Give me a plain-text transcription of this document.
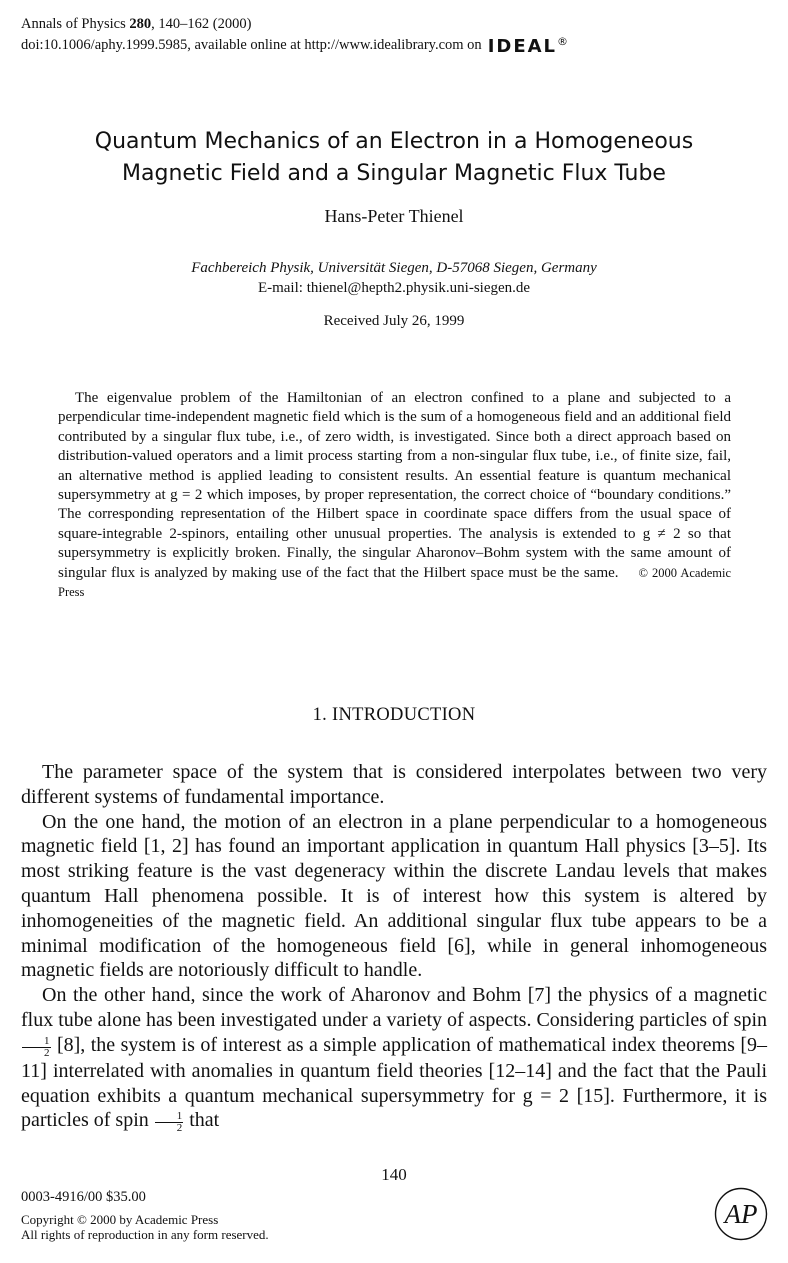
Annals of Physics 280, 140–162 (2000)
doi:10.1006/aphy.1999.5985, available online at http://www.idealibrary.com on IDEAL®
Quantum Mechanics of an Electron in a Homogeneous
Magnetic Field and a Singular Magnetic Flux Tube
Hans-Peter Thienel
Fachbereich Physik, Universität Siegen, D-57068 Siegen, Germany
E-mail: thienel@hepth2.physik.uni-siegen.de
Received July 26, 1999
The eigenvalue problem of the Hamiltonian of an electron confined to a plane and subjected to a perpendicular time-independent magnetic field which is the sum of a homogeneous field and an additional field contributed by a singular flux tube, i.e., of zero width, is investigated. Since both a direct approach based on distribution-valued operators and a limit process starting from a non-singular flux tube, i.e., of finite size, fail, an alternative method is applied leading to consistent results. An essential feature is quantum mechanical supersymmetry at g = 2 which imposes, by proper representation, the correct choice of “boundary conditions.” The corresponding representation of the Hilbert space in coordinate space differs from the usual space of square-integrable 2-spinors, entailing other unusual properties. The analysis is extended to g ≠ 2 so that supersymmetry is explicitly broken. Finally, the singular Aharonov–Bohm system with the same amount of singular flux is analyzed by making use of the fact that the Hilbert space must be the same. © 2000 Academic Press
1. INTRODUCTION

The parameter space of the system that is considered interpolates between two very different systems of fundamental importance.

On the one hand, the motion of an electron in a plane perpendicular to a homogeneous magnetic field [1, 2] has found an important application in quantum Hall physics [3–5]. Its most striking feature is the vast degeneracy within the discrete Landau levels that makes quantum Hall phenomena possible. It is of interest how this system is altered by inhomogeneities of the magnetic field. An additional singular flux tube appears to be a minimal modification of the homogeneous field [6], while in general inhomogeneous magnetic fields are notoriously difficult to handle.

On the other hand, since the work of Aharonov and Bohm [7] the physics of a magnetic flux tube alone has been investigated under a variety of aspects. Considering particles of spin
$\frac{1}{2} [8]$, the system is of interest as a simple application of mathematical index theorems [9–11] interrelated with anomalies in quantum field theories [12–14] and the fact that the Pauli equation exhibits a quantum mechanical supersymmetry for g = 2 [15]. Furthermore, it is particles of spin $\frac{1}{2}$ that

140
0003-4916/00 $35.00
Copyright © 2000 by Academic Press
All rights of reproduction in any form reserved.
AP
